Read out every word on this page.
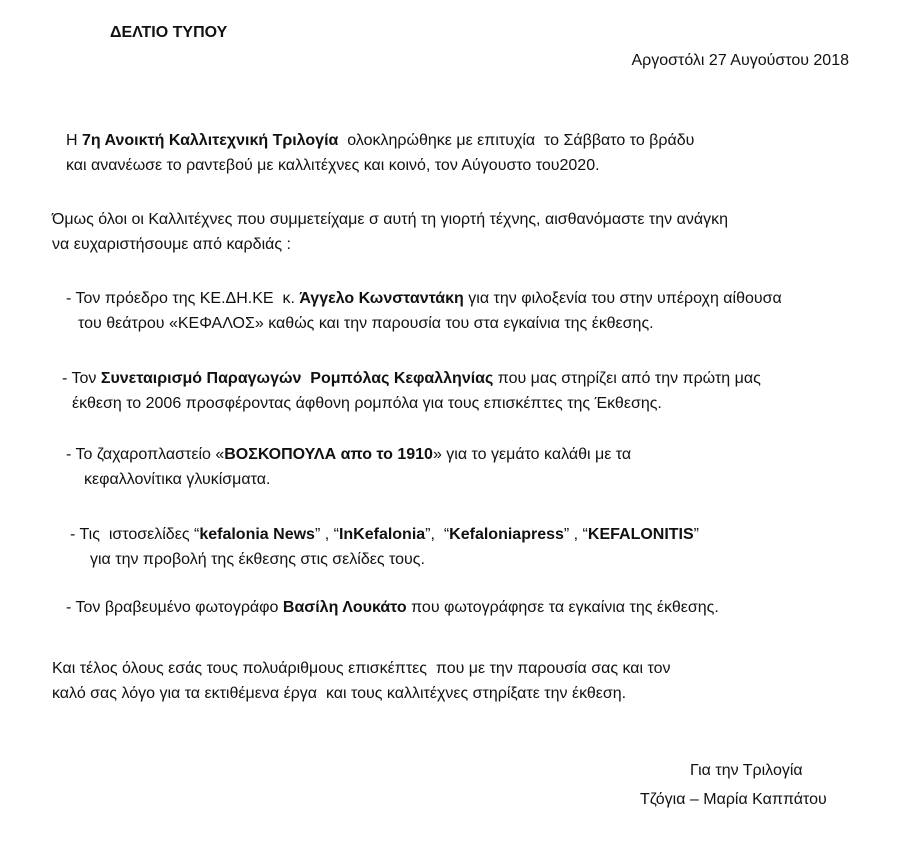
ΔΕΛΤΙΟ ΤΥΠΟΥ
Αργοστόλι 27 Αυγούστου 2018
Η 7η Ανοικτή Καλλιτεχνική Τριλογία  ολοκληρώθηκε με επιτυχία  το Σάββατο το βράδυ
και ανανέωσε το ραντεβού με καλλιτέχνες και κοινό, τον Αύγουστο του2020.
Όμως όλοι οι Καλλιτέχνες που συμμετείχαμε σ αυτή τη γιορτή τέχνης, αισθανόμαστε την ανάγκη
να ευχαριστήσουμε από καρδιάς :
- Τον πρόεδρο της ΚΕ.ΔΗ.ΚΕ  κ. Άγγελο Κωνσταντάκη για την φιλοξενία του στην υπέροχη αίθουσα
του θεάτρου «ΚΕΦΑΛΟΣ» καθώς και την παρουσία του στα εγκαίνια της έκθεσης.
- Τον Συνεταιρισμό Παραγωγών  Ρομπόλας Κεφαλληνίας που μας στηρίζει από την πρώτη μας
έκθεση το 2006 προσφέροντας άφθονη ρομπόλα για τους επισκέπτες της Έκθεσης.
- Το ζαχαροπλαστείο «ΒΟΣΚΟΠΟΥΛΑ απο το 1910» για το γεμάτο καλάθι με τα
κεφαλλονίτικα γλυκίσματα.
- Τις  ιστοσελίδες “kefalonia News” , “InKefalonia”,  “Kefaloniapress” , “KEFALONITIS”
για την προβολή της έκθεσης στις σελίδες τους.
- Τον βραβευμένο φωτογράφο Βασίλη Λουκάτο που φωτογράφησε τα εγκαίνια της έκθεσης.
Και τέλος όλους εσάς τους πολυάριθμους επισκέπτες  που με την παρουσία σας και τον
καλό σας λόγο για τα εκτιθέμενα έργα  και τους καλλιτέχνες στηρίξατε την έκθεση.
Για την Τριλογία
Τζόγια – Μαρία Καππάτου
